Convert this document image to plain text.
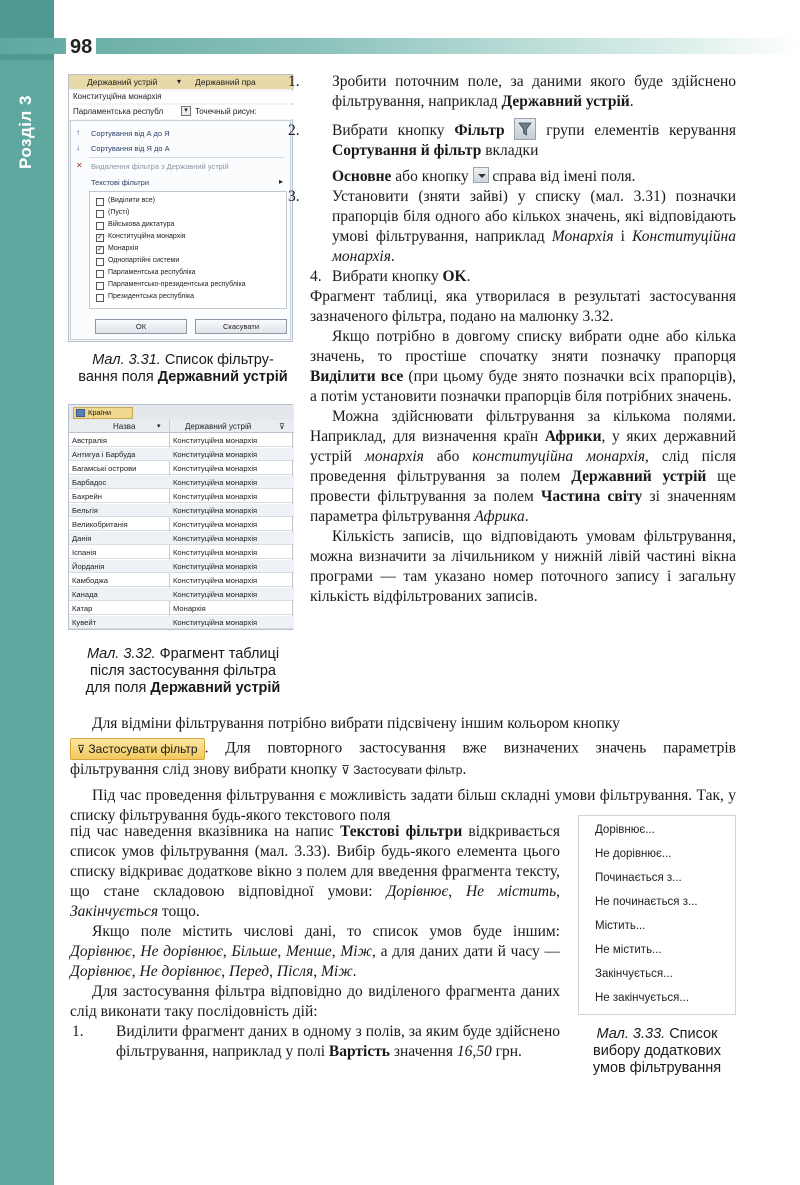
98
Розділ 3
Державний устрій ▾ Державний пра
Конституційна монархія
Парламентська республ	▾ Точечный рисун:
↑	Сортування від А до Я
↓	Сортування від Я до А
✕	Видалення фільтра з Державний устрій
Текстові фільтри	▸
(Виділити все)
(Пусті)
Військова диктатура
✓ Конституційна монархія
✓ Монархія
Однопартійні системи
Парламентська республіка
Парламентсько-президентська республіка
Президентська республіка
ОК	Скасувати
Мал. 3.31. Список фільтру-
вання поля Державний устрій
Країни
Назва	▾	Державний устрій	⊽
Австралія	Конституційна монархія
Антигуа і Барбуда	Конституційна монархія
Багамські острови	Конституційна монархія
Барбадос	Конституційна монархія
Бахрейн	Конституційна монархія
Бельгія	Конституційна монархія
Великобританія	Конституційна монархія
Данія	Конституційна монархія
Іспанія	Конституційна монархія
Йорданія	Конституційна монархія
Камбоджа	Конституційна монархія
Канада	Конституційна монархія
Катар	Монархія
Кувейт	Конституційна монархія
Мал. 3.32. Фрагмент таблиці
після застосування фільтра
для поля Державний устрій

1. Зробити поточним поле, за даними якого буде здійснено фільтрування, наприклад Державний устрій.

2. Вибрати кнопку Фільтр
групи елементів керування Сортування й фільтр вкладки

Основне або кнопку  справа від імені поля.

3. Установити (зняти зайві) у списку (мал. 3.31) позначки прапорців біля одного або кількох значень, які відповідають умові фільтрування, наприклад Монархія і Конституційна монархія.

4. Вибрати кнопку OK.

Фрагмент таблиці, яка утворилася в результаті застосування зазначеного фільтра, подано на малюнку 3.32.

Якщо потрібно в довгому списку вибрати одне або кілька значень, то простіше спочатку зняти позначку прапорця Виділити все (при цьому буде знято позначки всіх прапорців), а потім установити позначки прапорців біля потрібних значень.

Можна здійснювати фільтрування за кількома полями. Наприклад, для визначення країн Африки, у яких державний устрій монархія або конституційна монархія, слід після проведення фільтрування за полем Державний устрій ще провести фільтрування за полем Частина світу зі значенням параметра фільтрування Африка.

Кількість записів, що відповідають умовам фільтрування, можна визначити за лічильником у нижній лівій частині вікна програми — там указано номер поточного запису і загальну кількість відфільтрованих записів.

Для відміни фільтрування потрібно вибрати підсвічену іншим кольором кнопку

⊽ Застосувати фільтр . Для повторного застосування вже визначених значень параметрів фільтрування слід знову вибрати кнопку ⊽ Застосувати фільтр.

Під час проведення фільтрування є можливість задати більш складні умови фільтрування. Так, у списку фільтрування будь-якого текстового поля

під час наведення вказівника на напис Текстові фільтри відкривається список умов фільтрування (мал. 3.33). Вибір будь-якого елемента цього списку відкриває додаткове вікно з полем для введення фрагмента тексту, що стане складовою відповідної умови: Дорівнює, Не містить, Закінчується тощо.

Якщо поле містить числові дані, то список умов буде іншим: Дорівнює, Не дорівнює, Більше, Менше, Між, а для даних дати й часу — Дорівнює, Не дорівнює, Перед, Після, Між.

Для застосування фільтра відповідно до виділеного фрагмента даних слід виконати таку послідовність дій:

1. Виділити фрагмент даних в одному з полів, за яким буде здійснено фільтрування, наприклад у полі Вартість значення 16,50 грн.

Дорівнює...
Не дорівнює...
Починається з...
Не починається з...
Містить...
Не містить...
Закінчується...
Не закінчується...
Мал. 3.33. Список
вибору додаткових
умов фільтрування
